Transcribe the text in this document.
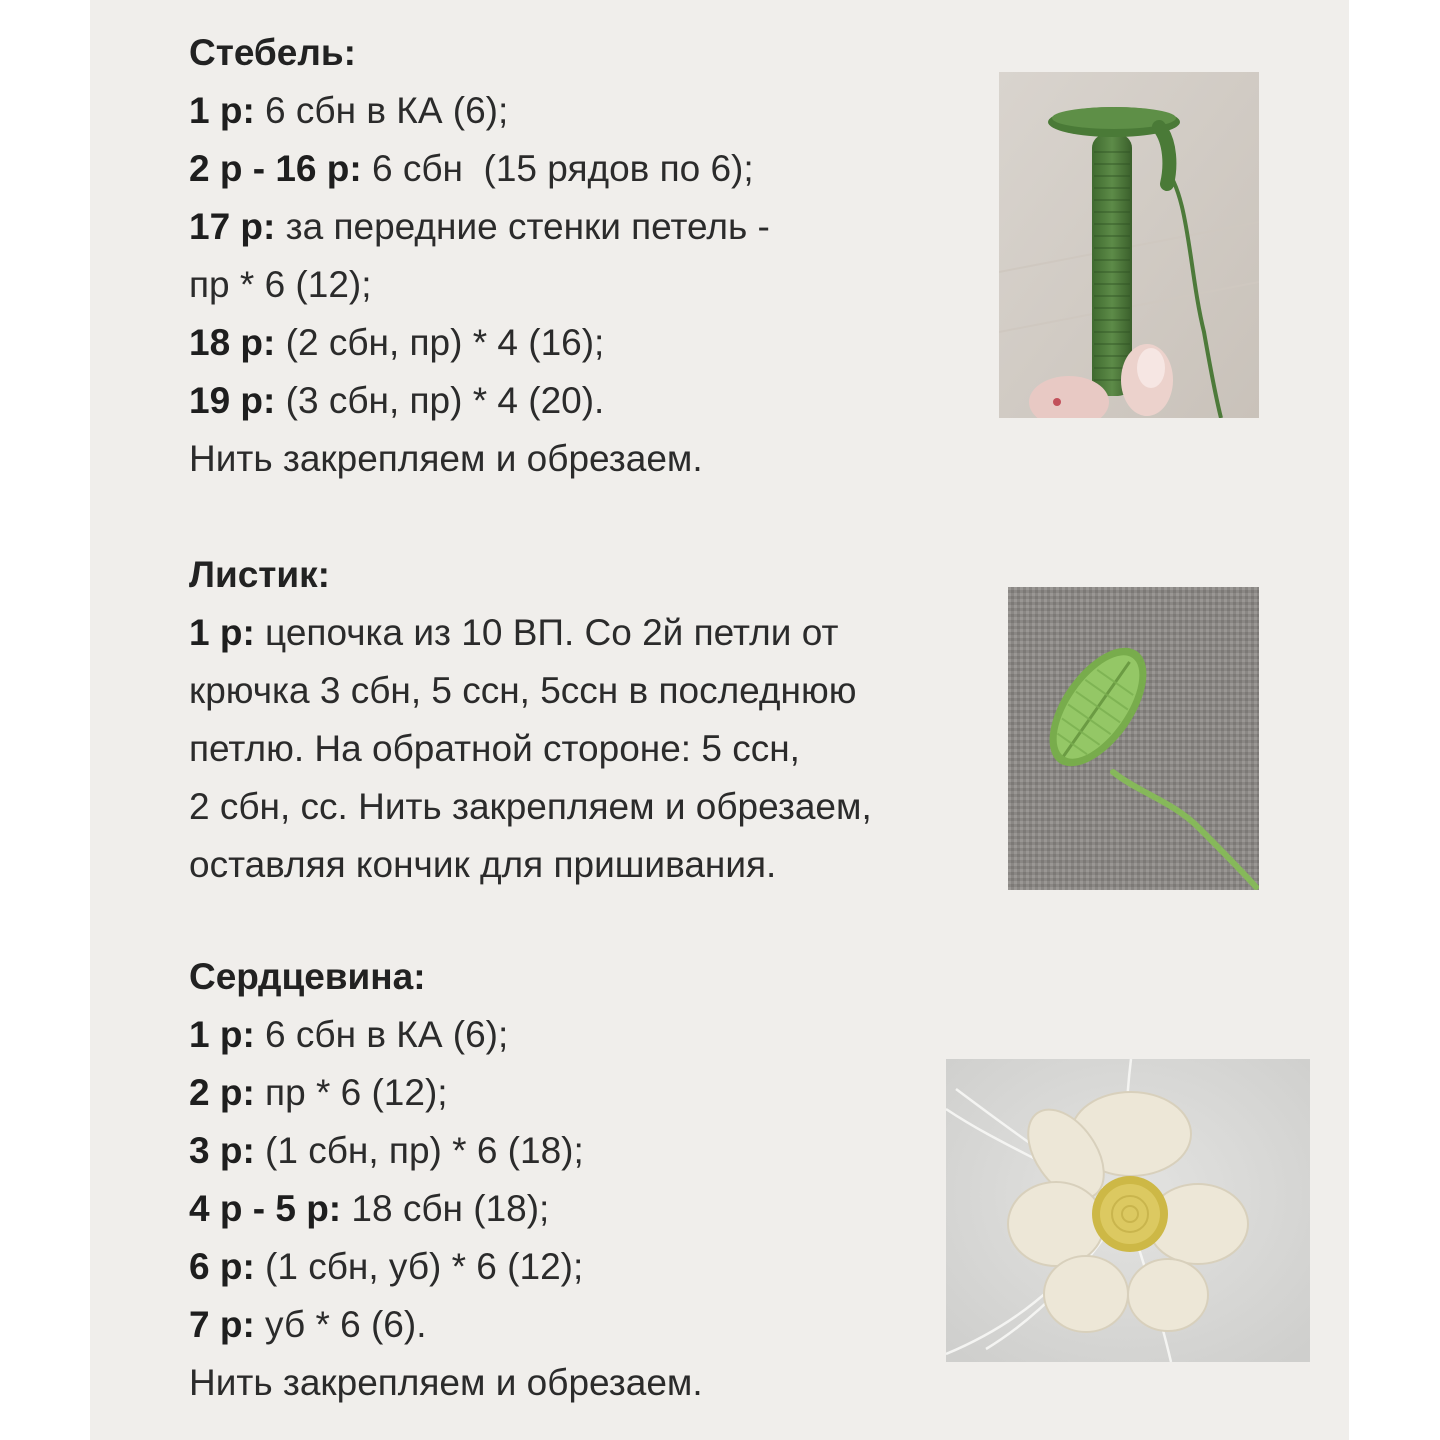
Стебель:
1 р: 6 сбн в КА (6);
2 р - 16 р: 6 сбн  (15 рядов по 6);
17 р: за передние стенки петель -
пр * 6 (12);
18 р: (2 сбн, пр) * 4 (16);
19 р: (3 сбн, пр) * 4 (20).
Нить закрепляем и обрезаем.
Листик:
1 р: цепочка из 10 ВП. Со 2й петли от
крючка 3 сбн, 5 ссн, 5ссн в последнюю
петлю. На обратной стороне: 5 ссн,
2 сбн, сс. Нить закрепляем и обрезаем,
оставляя кончик для пришивания.
Сердцевина:
1 р: 6 сбн в КА (6);
2 р: пр * 6 (12);
3 р: (1 сбн, пр) * 6 (18);
4 р - 5 р: 18 сбн (18);
6 р: (1 сбн, уб) * 6 (12);
7 р: уб * 6 (6).
Нить закрепляем и обрезаем.
